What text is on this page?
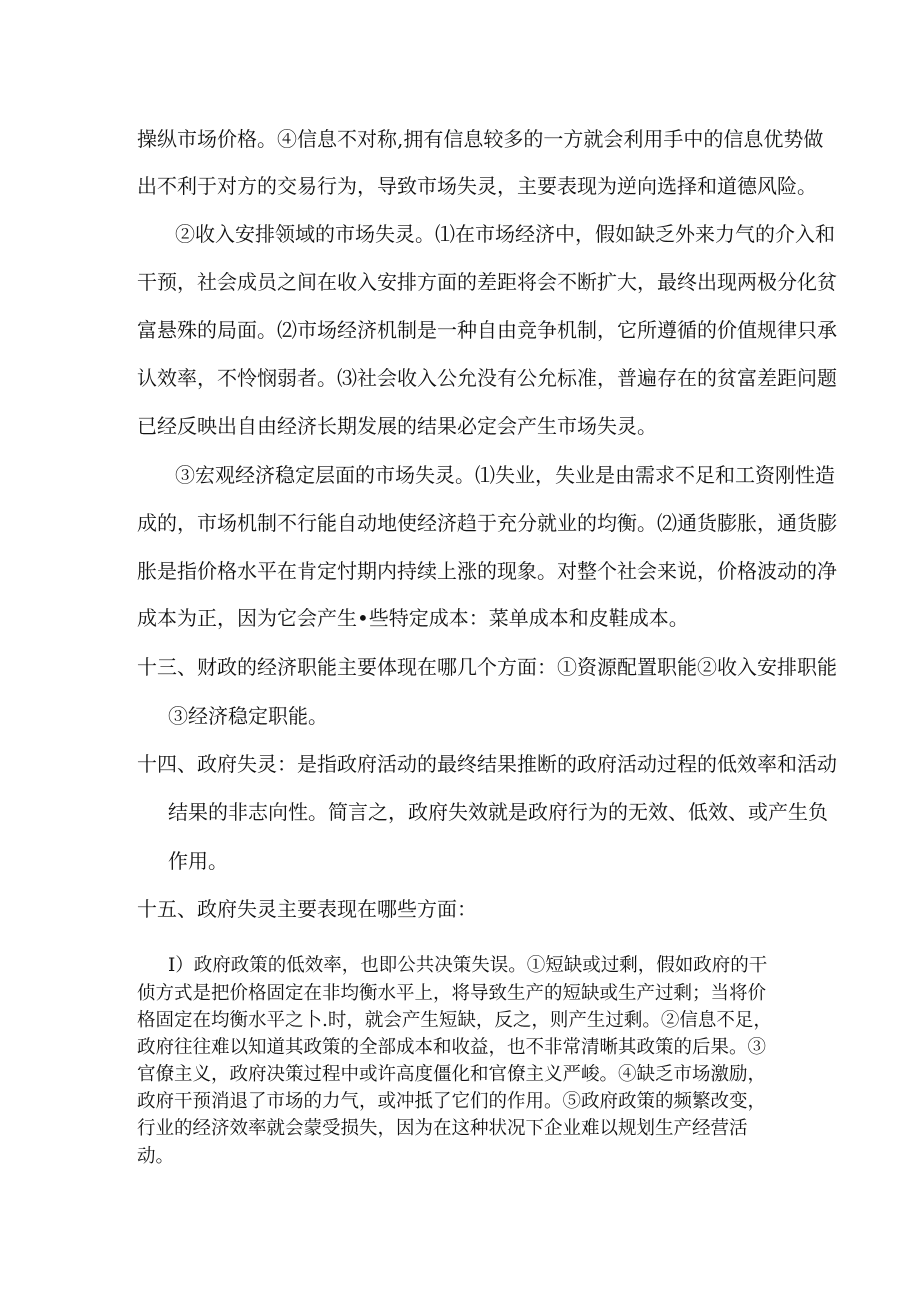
操纵市场价格。④信息不对称,拥有信息较多的一方就会利用手中的信息优势做
出不利于对方的交易行为，导致市场失灵，主要表现为逆向选择和道德风险。
②收入安排领域的市场失灵。⑴在市场经济中，假如缺乏外来力气的介入和
干预，社会成员之间在收入安排方面的差距将会不断扩大，最终出现两极分化贫
富悬殊的局面。⑵市场经济机制是一种自由竞争机制，它所遵循的价值规律只承
认效率，不怜悯弱者。⑶社会收入公允没有公允标准，普遍存在的贫富差距问题
已经反映出自由经济长期发展的结果必定会产生市场失灵。
③宏观经济稳定层面的市场失灵。⑴失业，失业是由需求不足和工资刚性造
成的，市场机制不行能自动地使经济趋于充分就业的均衡。⑵通货膨胀，通货膨
胀是指价格水平在肯定忖期内持续上涨的现象。对整个社会来说，价格波动的净
成本为正，因为它会产生•些特定成本：菜单成本和皮鞋成本。
十三、财政的经济职能主要体现在哪几个方面：①资源配置职能②收入安排职能
③经济稳定职能。
十四、政府失灵：是指政府活动的最终结果推断的政府活动过程的低效率和活动
结果的非志向性。简言之，政府失效就是政府行为的无效、低效、或产生负
作用。
十五、政府失灵主要表现在哪些方面：
I）政府政策的低效率，也即公共决策失误。①短缺或过剩，假如政府的干
侦方式是把价格固定在非均衡水平上，将导致生产的短缺或生产过剩；当将价
格固定在均衡水平之卜.时，就会产生短缺，反之，则产生过剩。②信息不足，
政府往往难以知道其政策的全部成本和收益，也不非常清晰其政策的后果。③
官僚主义，政府决策过程中或许高度僵化和官僚主义严峻。④缺乏市场激励，
政府干预消退了市场的力气，或冲抵了它们的作用。⑤政府政策的频繁改变，
行业的经济效率就会蒙受损失，因为在这种状况下企业难以规划生产经营活
动。
